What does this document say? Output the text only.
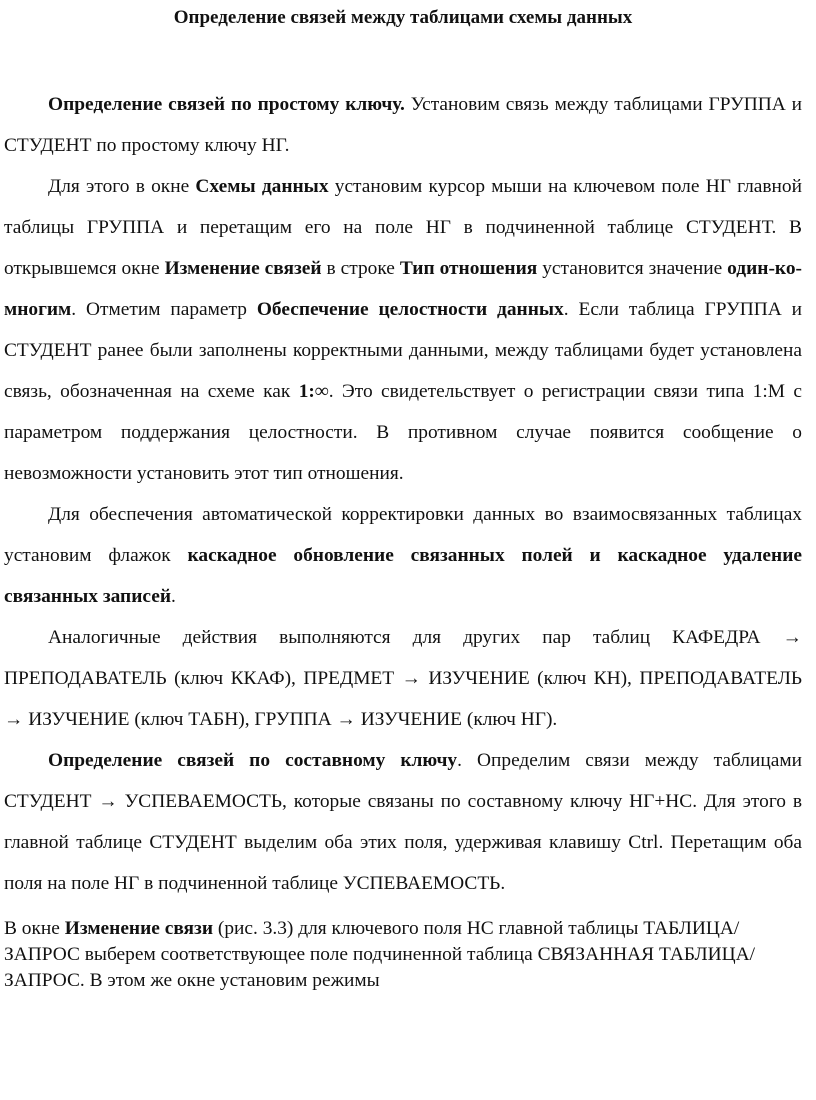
Определение связей между таблицами схемы данных

Определение связей по простому ключу. Установим связь между таблицами ГРУППА и СТУДЕНТ по простому ключу НГ.

Для этого в окне Схемы данных установим курсор мыши на ключевом поле НГ главной таблицы ГРУППА и перетащим его на поле НГ в подчиненной таблице СТУДЕНТ. В открывшемся окне Изменение связей в строке Тип отношения установится значение один-ко-многим. Отметим параметр Обеспечение целостности данных. Если таблица ГРУППА и СТУДЕНТ ранее были заполнены корректными данными, между таблицами будет установлена связь, обозначенная на схеме как 1:∞. Это свидетельствует о регистрации связи типа 1:М с параметром поддержания целостности. В противном случае появится сообщение о невозможности установить этот тип отношения.

Для обеспечения автоматической корректировки данных во взаимосвязанных таблицах установим флажок каскадное обновление связанных полей и каскадное удаление связанных записей.

Аналогичные действия выполняются для других пар таблиц КАФЕДРА → ПРЕПОДАВАТЕЛЬ (ключ ККАФ), ПРЕДМЕТ → ИЗУЧЕНИЕ (ключ КН), ПРЕПОДАВАТЕЛЬ → ИЗУЧЕНИЕ (ключ ТАБН), ГРУППА → ИЗУЧЕНИЕ (ключ НГ).

Определение связей по составному ключу. Определим связи между таблицами СТУДЕНТ → УСПЕВАЕМОСТЬ, которые связаны по составному ключу НГ+НС. Для этого в главной таблице СТУДЕНТ выделим оба этих поля, удерживая клавишу Ctrl. Перетащим оба поля на поле НГ в подчиненной таблице УСПЕВАЕМОСТЬ.

В окне Изменение связи (рис. 3.3) для ключевого поля НС главной таблицы ТАБЛИЦА/ЗАПРОС выберем соответствующее поле подчиненной таблица СВЯЗАННАЯ ТАБЛИЦА/ЗАПРОС. В этом же окне установим режимы
